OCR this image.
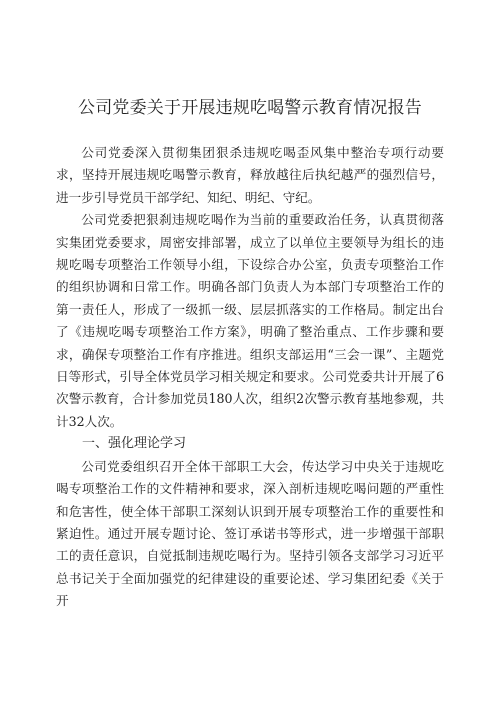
公司党委关于开展违规吃喝警示教育情况报告

公司党委深入贯彻集团狠杀违规吃喝歪风集中整治专项行动要求，坚持开展违规吃喝警示教育，释放越往后执纪越严的强烈信号，进一步引导党员干部学纪、知纪、明纪、守纪。

公司党委把狠刹违规吃喝作为当前的重要政治任务，认真贯彻落实集团党委要求，周密安排部署，成立了以单位主要领导为组长的违规吃喝专项整治工作领导小组，下设综合办公室，负责专项整治工作的组织协调和日常工作。明确各部门负责人为本部门专项整治工作的第一责任人，形成了一级抓一级、层层抓落实的工作格局。制定出台了《违规吃喝专项整治工作方案》，明确了整治重点、工作步骤和要求，确保专项整治工作有序推进。组织支部运用“三会一课”、主题党日等形式，引导全体党员学习相关规定和要求。公司党委共计开展了6次警示教育，合计参加党员180人次，组织2次警示教育基地参观，共计32人次。

一、强化理论学习

公司党委组织召开全体干部职工大会，传达学习中央关于违规吃喝专项整治工作的文件精神和要求，深入剖析违规吃喝问题的严重性和危害性，使全体干部职工深刻认识到开展专项整治工作的重要性和紧迫性。通过开展专题讨论、签订承诺书等形式，进一步增强干部职工的责任意识，自觉抵制违规吃喝行为。坚持引领各支部学习习近平总书记关于全面加强党的纪律建设的重要论述、学习集团纪委《关于开
